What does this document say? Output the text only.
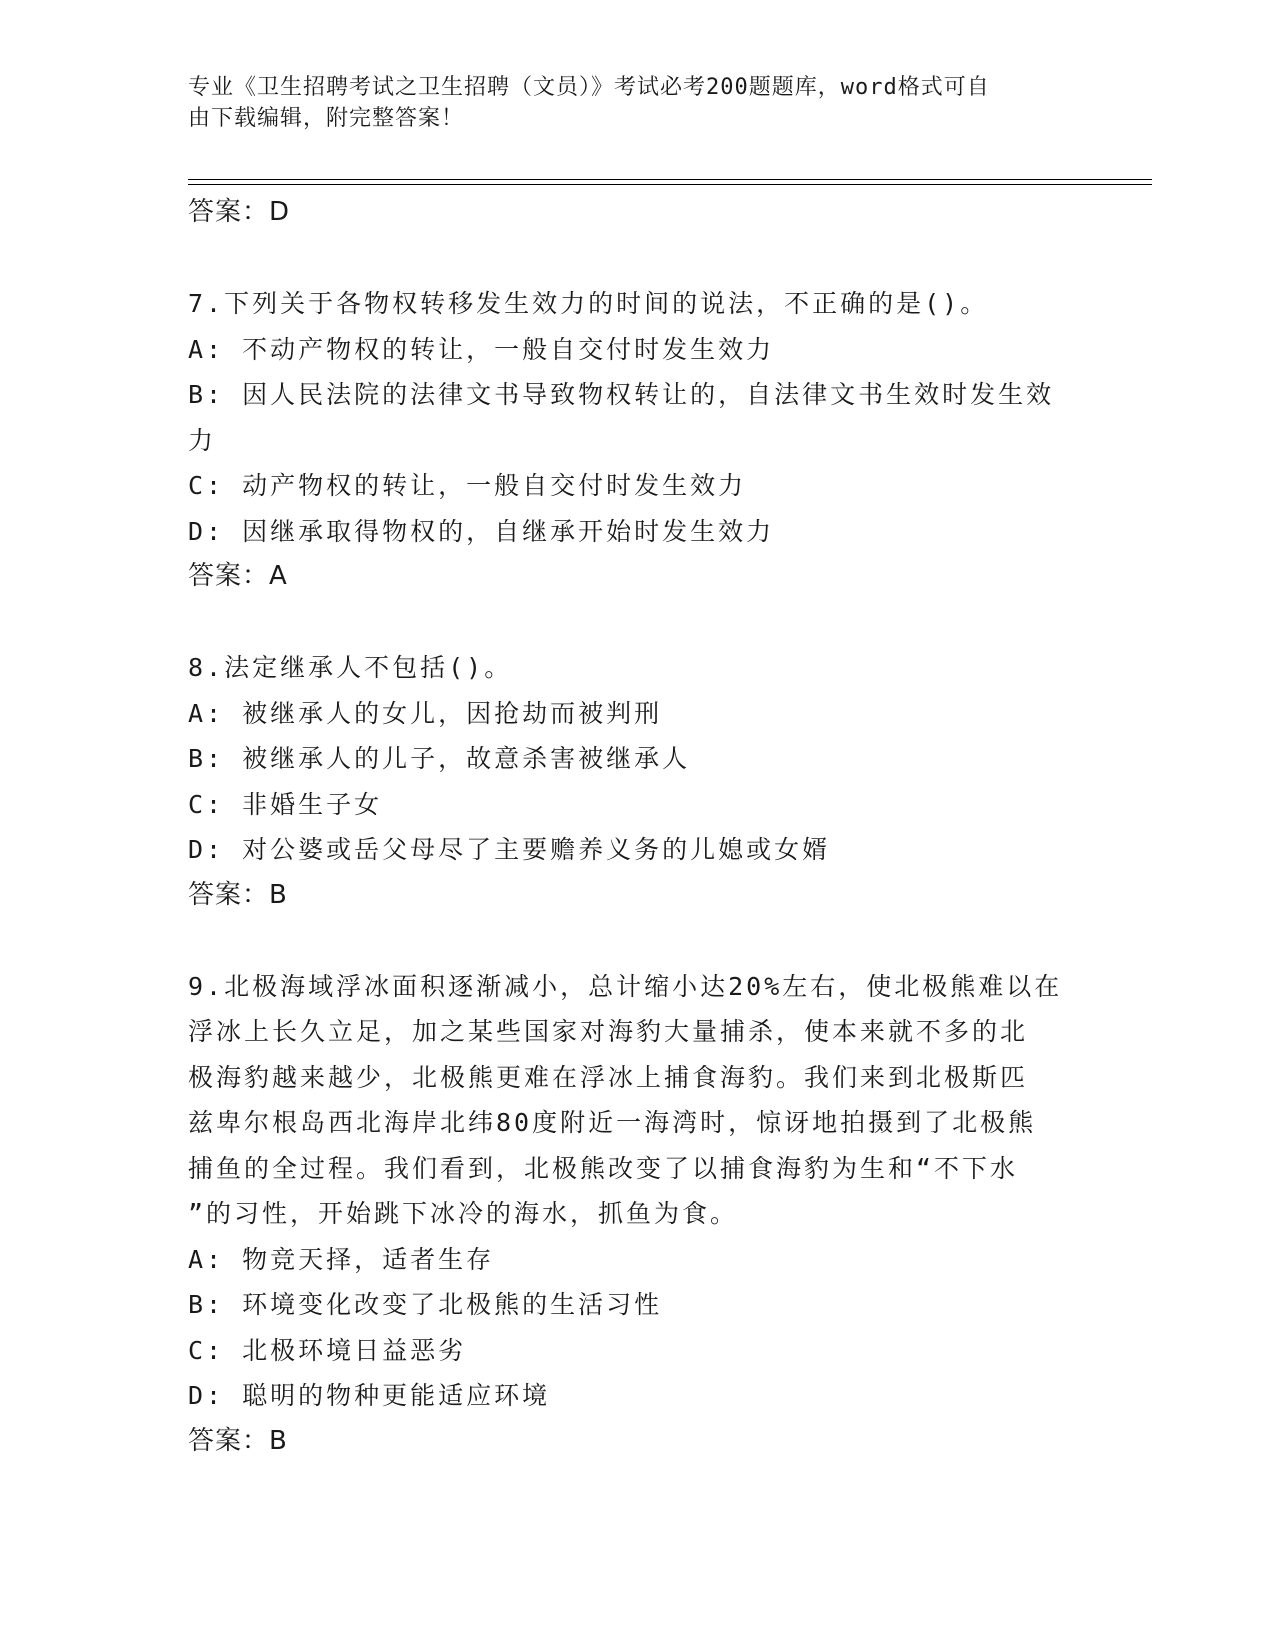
专业《卫生招聘考试之卫生招聘（文员）》考试必考200题题库，word格式可自
由下载编辑，附完整答案！
答案：D
7.下列关于各物权转移发生效力的时间的说法，不正确的是()。
A: 不动产物权的转让，一般自交付时发生效力
B: 因人民法院的法律文书导致物权转让的，自法律文书生效时发生效
力
C: 动产物权的转让，一般自交付时发生效力
D: 因继承取得物权的，自继承开始时发生效力
答案：A
8.法定继承人不包括()。
A: 被继承人的女儿，因抢劫而被判刑
B: 被继承人的儿子，故意杀害被继承人
C: 非婚生子女
D: 对公婆或岳父母尽了主要赡养义务的儿媳或女婿
答案：B
9.北极海域浮冰面积逐渐减小，总计缩小达20%左右，使北极熊难以在
浮冰上长久立足，加之某些国家对海豹大量捕杀，使本来就不多的北
极海豹越来越少，北极熊更难在浮冰上捕食海豹。我们来到北极斯匹
兹卑尔根岛西北海岸北纬80度附近一海湾时，惊讶地拍摄到了北极熊
捕鱼的全过程。我们看到，北极熊改变了以捕食海豹为生和“不下水
”的习性，开始跳下冰冷的海水，抓鱼为食。
A: 物竞天择，适者生存
B: 环境变化改变了北极熊的生活习性
C: 北极环境日益恶劣
D: 聪明的物种更能适应环境
答案：B
